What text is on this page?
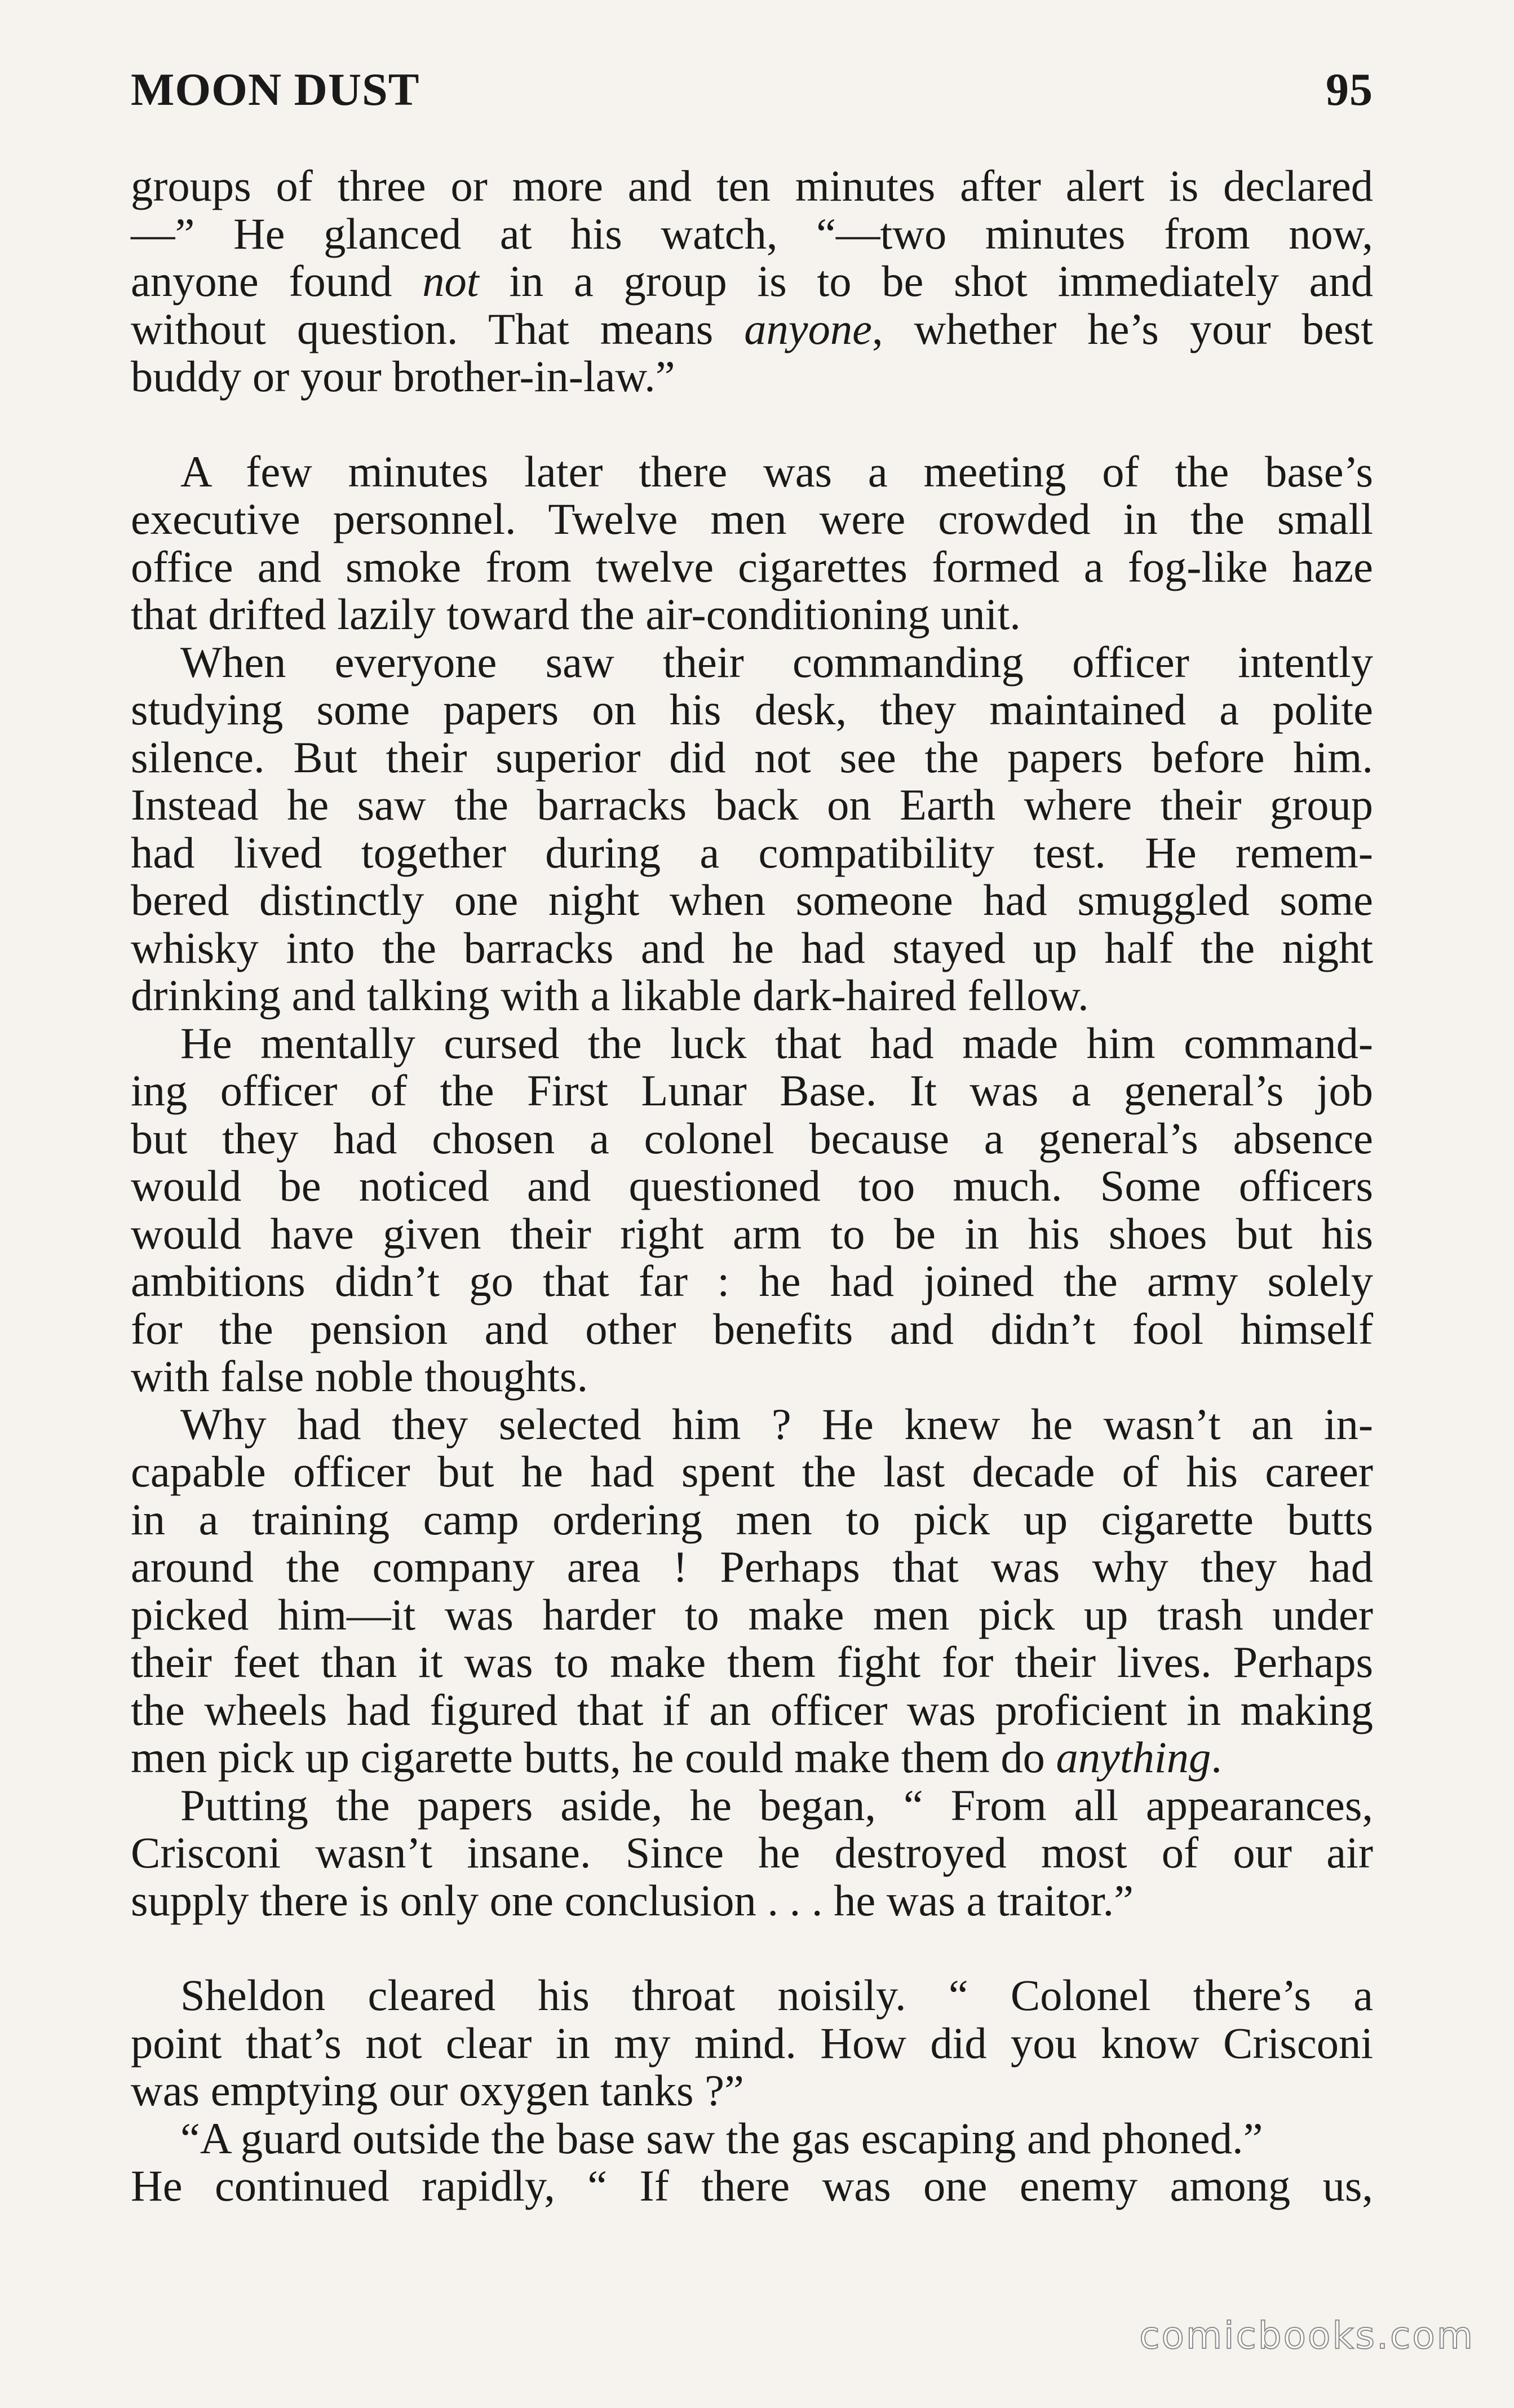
MOON DUST	95
groups of three or more and ten minutes after alert is declared
—” He glanced at his watch, “—two minutes from now,
anyone found not in a group is to be shot immediately and
without question. That means anyone, whether he’s your best
buddy or your brother-in-law.”
A few minutes later there was a meeting of the base’s
executive personnel. Twelve men were crowded in the small
office and smoke from twelve cigarettes formed a fog-like haze
that drifted lazily toward the air-conditioning unit.
When everyone saw their commanding officer intently
studying some papers on his desk, they maintained a polite
silence. But their superior did not see the papers before him.
Instead he saw the barracks back on Earth where their group
had lived together during a compatibility test. He remem-
bered distinctly one night when someone had smuggled some
whisky into the barracks and he had stayed up half the night
drinking and talking with a likable dark-haired fellow.
He mentally cursed the luck that had made him command-
ing officer of the First Lunar Base. It was a general’s job
but they had chosen a colonel because a general’s absence
would be noticed and questioned too much. Some officers
would have given their right arm to be in his shoes but his
ambitions didn’t go that far : he had joined the army solely
for the pension and other benefits and didn’t fool himself
with false noble thoughts.
Why had they selected him ? He knew he wasn’t an in-
capable officer but he had spent the last decade of his career
in a training camp ordering men to pick up cigarette butts
around the company area ! Perhaps that was why they had
picked him—it was harder to make men pick up trash under
their feet than it was to make them fight for their lives. Perhaps
the wheels had figured that if an officer was proficient in making
men pick up cigarette butts, he could make them do anything.
Putting the papers aside, he began, “ From all appearances,
Crisconi wasn’t insane. Since he destroyed most of our air
supply there is only one conclusion . . . he was a traitor.”
Sheldon cleared his throat noisily. “ Colonel there’s a
point that’s not clear in my mind. How did you know Crisconi
was emptying our oxygen tanks ?”
“A guard outside the base saw the gas escaping and phoned.”
He continued rapidly, “ If there was one enemy among us,
comicbooks.com
